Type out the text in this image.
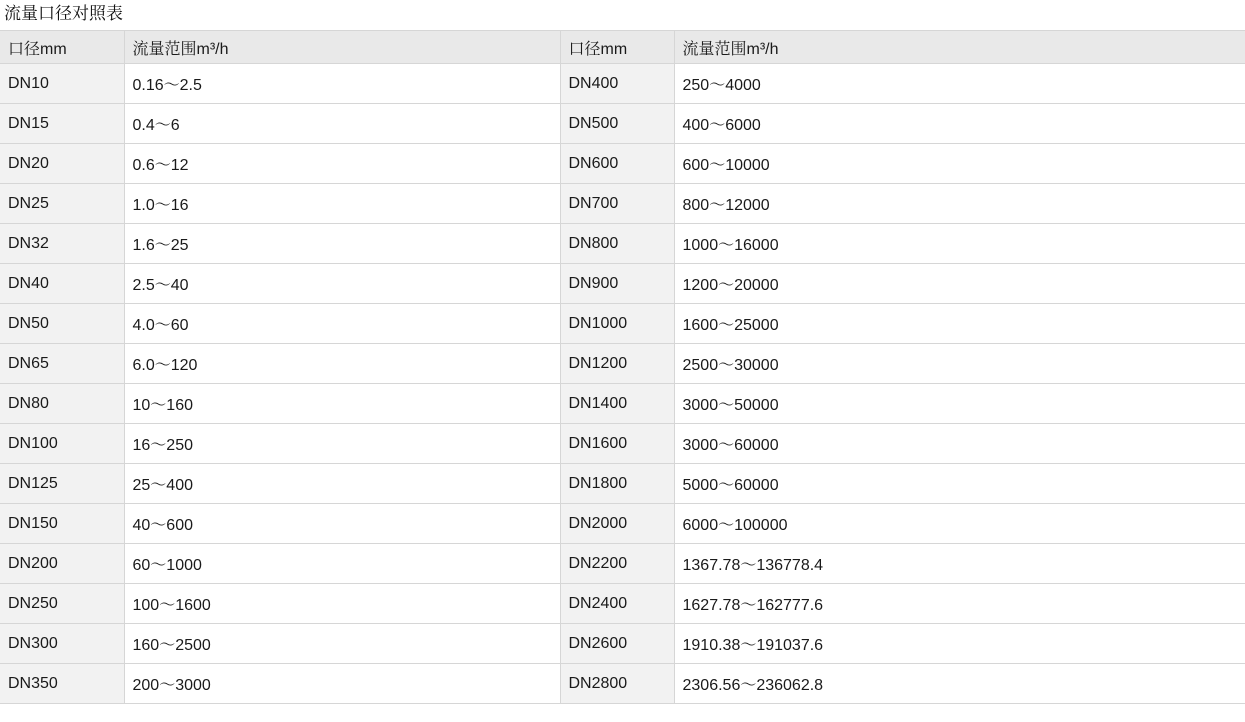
流量口径对照表
口径mm	流量范围m³/h	口径mm	流量范围m³/h
DN10	0.16～2.5	DN400	250～4000
DN15	0.4～6	DN500	400～6000
DN20	0.6～12	DN600	600～10000
DN25	1.0～16	DN700	800～12000
DN32	1.6～25	DN800	1000～16000
DN40	2.5～40	DN900	1200～20000
DN50	4.0～60	DN1000	1600～25000
DN65	6.0～120	DN1200	2500～30000
DN80	10～160	DN1400	3000～50000
DN100	16～250	DN1600	3000～60000
DN125	25～400	DN1800	5000～60000
DN150	40～600	DN2000	6000～100000
DN200	60～1000	DN2200	1367.78～136778.4
DN250	100～1600	DN2400	1627.78～162777.6
DN300	160～2500	DN2600	1910.38～191037.6
DN350	200～3000	DN2800	2306.56～236062.8
